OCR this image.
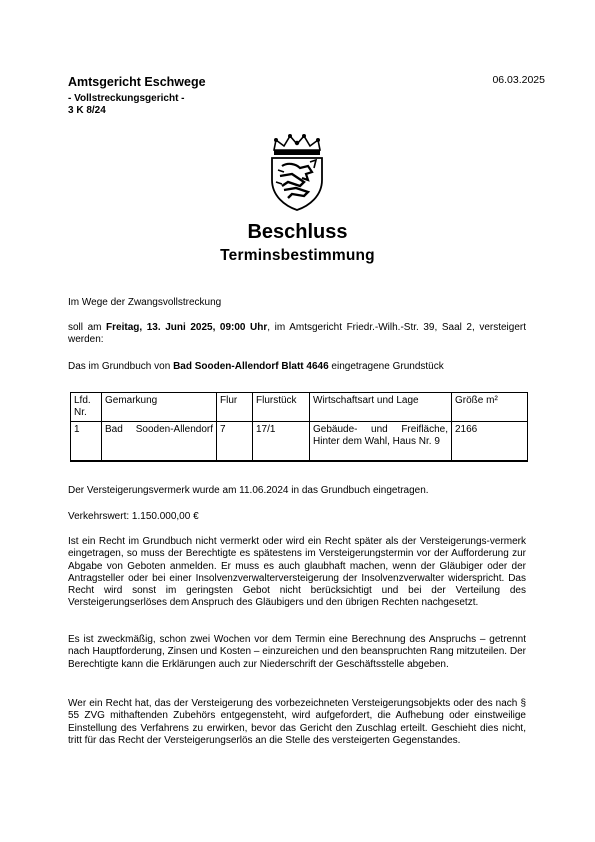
Amtsgericht Eschwege
- Vollstreckungsgericht -
3 K 8/24
06.03.2025
Beschluss
Terminsbestimmung
Im Wege der Zwangsvollstreckung
soll am Freitag, 13. Juni 2025, 09:00 Uhr, im Amtsgericht Friedr.-Wilh.-Str. 39, Saal 2, versteigert werden:
Das im Grundbuch von Bad Sooden-Allendorf Blatt 4646 eingetragene Grundstück
Lfd. Nr.	Gemarkung	Flur	Flurstück	Wirtschaftsart und Lage	Größe m²
1	Bad Sooden-Allendorf	7	17/1	Gebäude- und Freifläche, Hinter dem Wahl, Haus Nr. 9	2166
Der Versteigerungsvermerk wurde am 11.06.2024 in das Grundbuch eingetragen.
Verkehrswert: 1.150.000,00 €
Ist ein Recht im Grundbuch nicht vermerkt oder wird ein Recht später als der Versteigerungs-vermerk eingetragen, so muss der Berechtigte es spätestens im Versteigerungstermin vor der Aufforderung zur Abgabe von Geboten anmelden. Er muss es auch glaubhaft machen, wenn der Gläubiger oder der Antragsteller oder bei einer Insolvenzverwalterversteigerung der Insolvenzverwalter widerspricht. Das Recht wird sonst im geringsten Gebot nicht berücksichtigt und bei der Verteilung des Versteigerungserlöses dem Anspruch des Gläubigers und den übrigen Rechten nachgesetzt.
Es ist zweckmäßig, schon zwei Wochen vor dem Termin eine Berechnung des Anspruchs – getrennt nach Hauptforderung, Zinsen und Kosten – einzureichen und den beanspruchten Rang mitzuteilen. Der Berechtigte kann die Erklärungen auch zur Niederschrift der Geschäftsstelle abgeben.
Wer ein Recht hat, das der Versteigerung des vorbezeichneten Versteigerungsobjekts oder des nach § 55 ZVG mithaftenden Zubehörs entgegensteht, wird aufgefordert, die Aufhebung oder einstweilige Einstellung des Verfahrens zu erwirken, bevor das Gericht den Zuschlag erteilt. Geschieht dies nicht, tritt für das Recht der Versteigerungserlös an die Stelle des versteigerten Gegenstandes.
